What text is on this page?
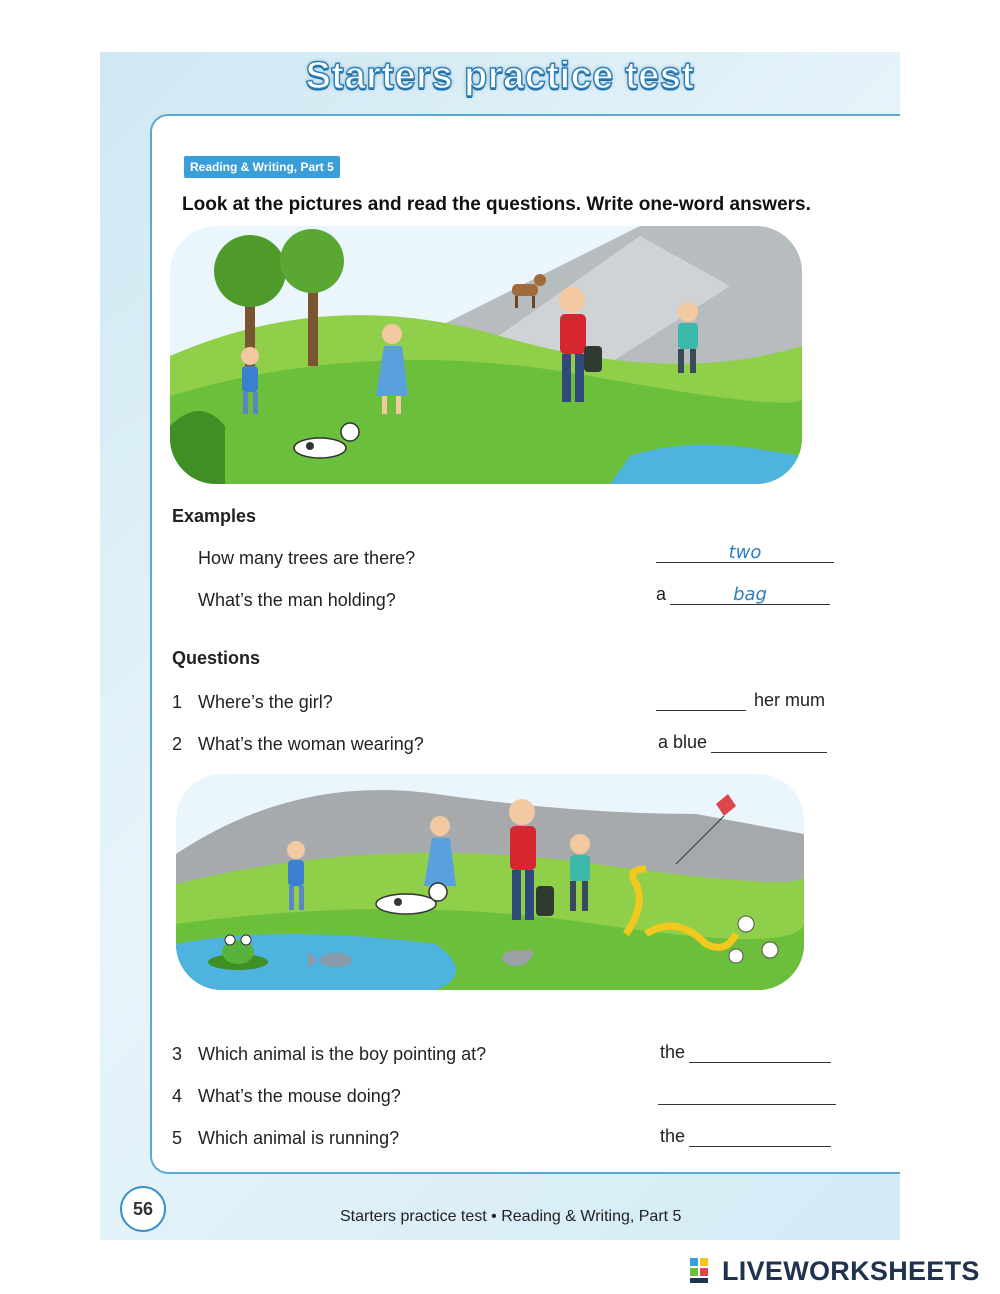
Starters practice test
Reading & Writing, Part 5

Look at the pictures and read the questions. Write one-word answers.

Examples
How many trees are there?	two
What’s the man holding?	a	bag
Questions
1 Where’s the girl?	her mum
2 What’s the woman wearing?	a blue
3 Which animal is the boy pointing at?	the
4 What’s the mouse doing?
5 Which animal is running?	the
56	Starters practice test • Reading & Writing, Part 5
LIVEWORKSHEETS
